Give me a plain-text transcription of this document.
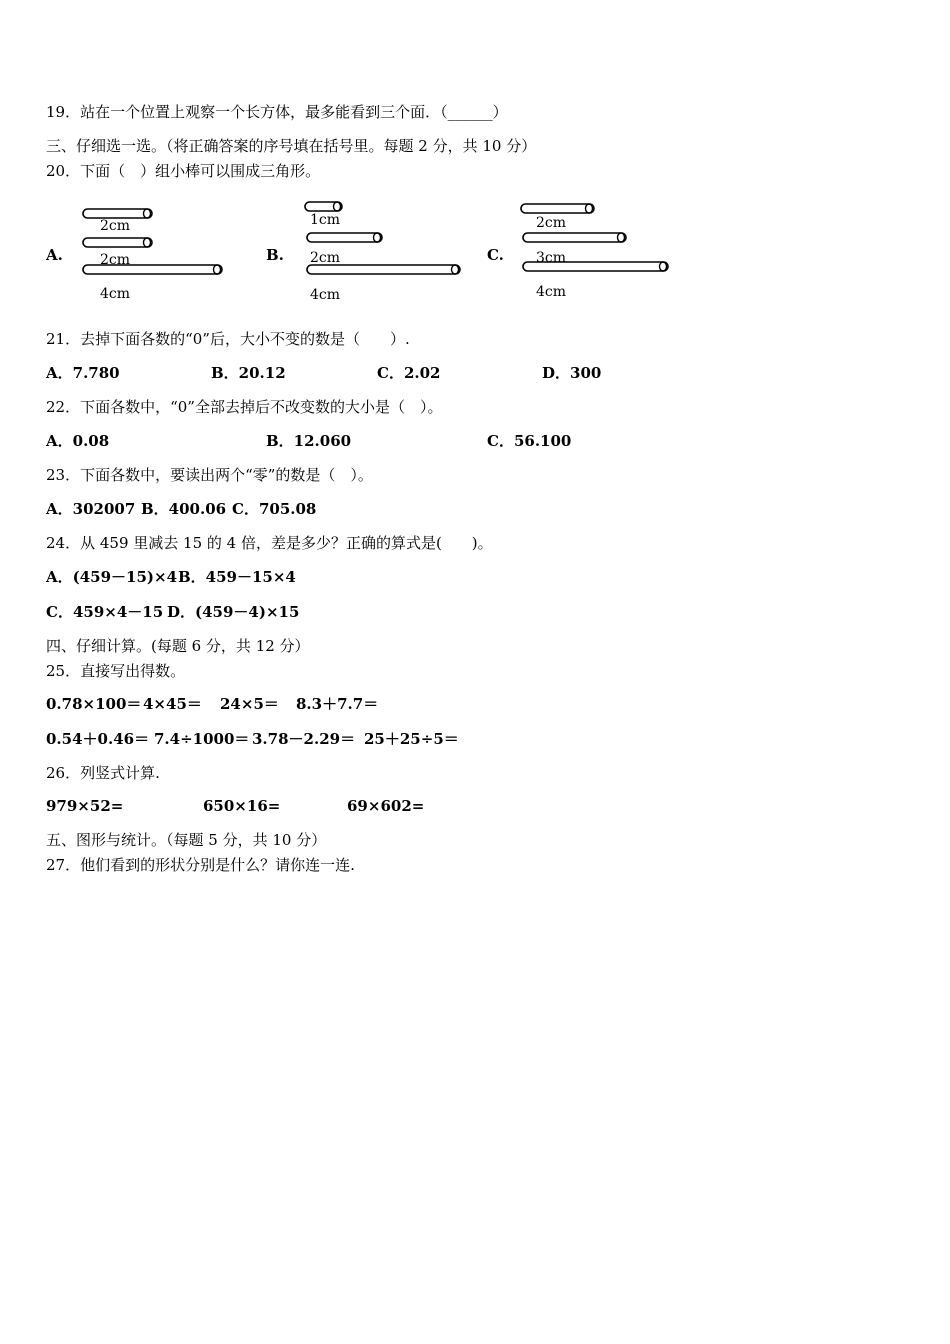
19．站在一个位置上观察一个长方体，最多能看到三个面．（______）
三、仔细选一选。（将正确答案的序号填在括号里。每题 2 分，共 10 分）
20．下面（　）组小棒可以围成三角形。
A.
2cm
2cm
4cm
B.
1cm
2cm
4cm
C.
2cm
3cm
4cm
21．去掉下面各数的“0”后，大小不变的数是（　　）.
A．7.780	B．20.12	C．2.02	D．300
22．下面各数中，“0”全部去掉后不改变数的大小是（　）。
A．0.08	B．12.060	C．56.100
23．下面各数中，要读出两个“零”的数是（　）。
A．302007 B．400.06 C．705.08
24．从 459 里减去 15 的 4 倍，差是多少？正确的算式是(　　)。
A．(459－15)×4 B．459－15×4
C．459×4－15 D．(459－4)×15
四、仔细计算。(每题 6 分，共 12 分）
25．直接写出得数。
0.78×100＝ 4×45＝ 24×5＝ 8.3＋7.7＝
0.54＋0.46＝ 7.4÷1000＝ 3.78－2.29＝ 25＋25÷5＝
26．列竖式计算.
979×52=	650×16=	69×602=
五、图形与统计。（每题 5 分，共 10 分）
27．他们看到的形状分别是什么？请你连一连.
